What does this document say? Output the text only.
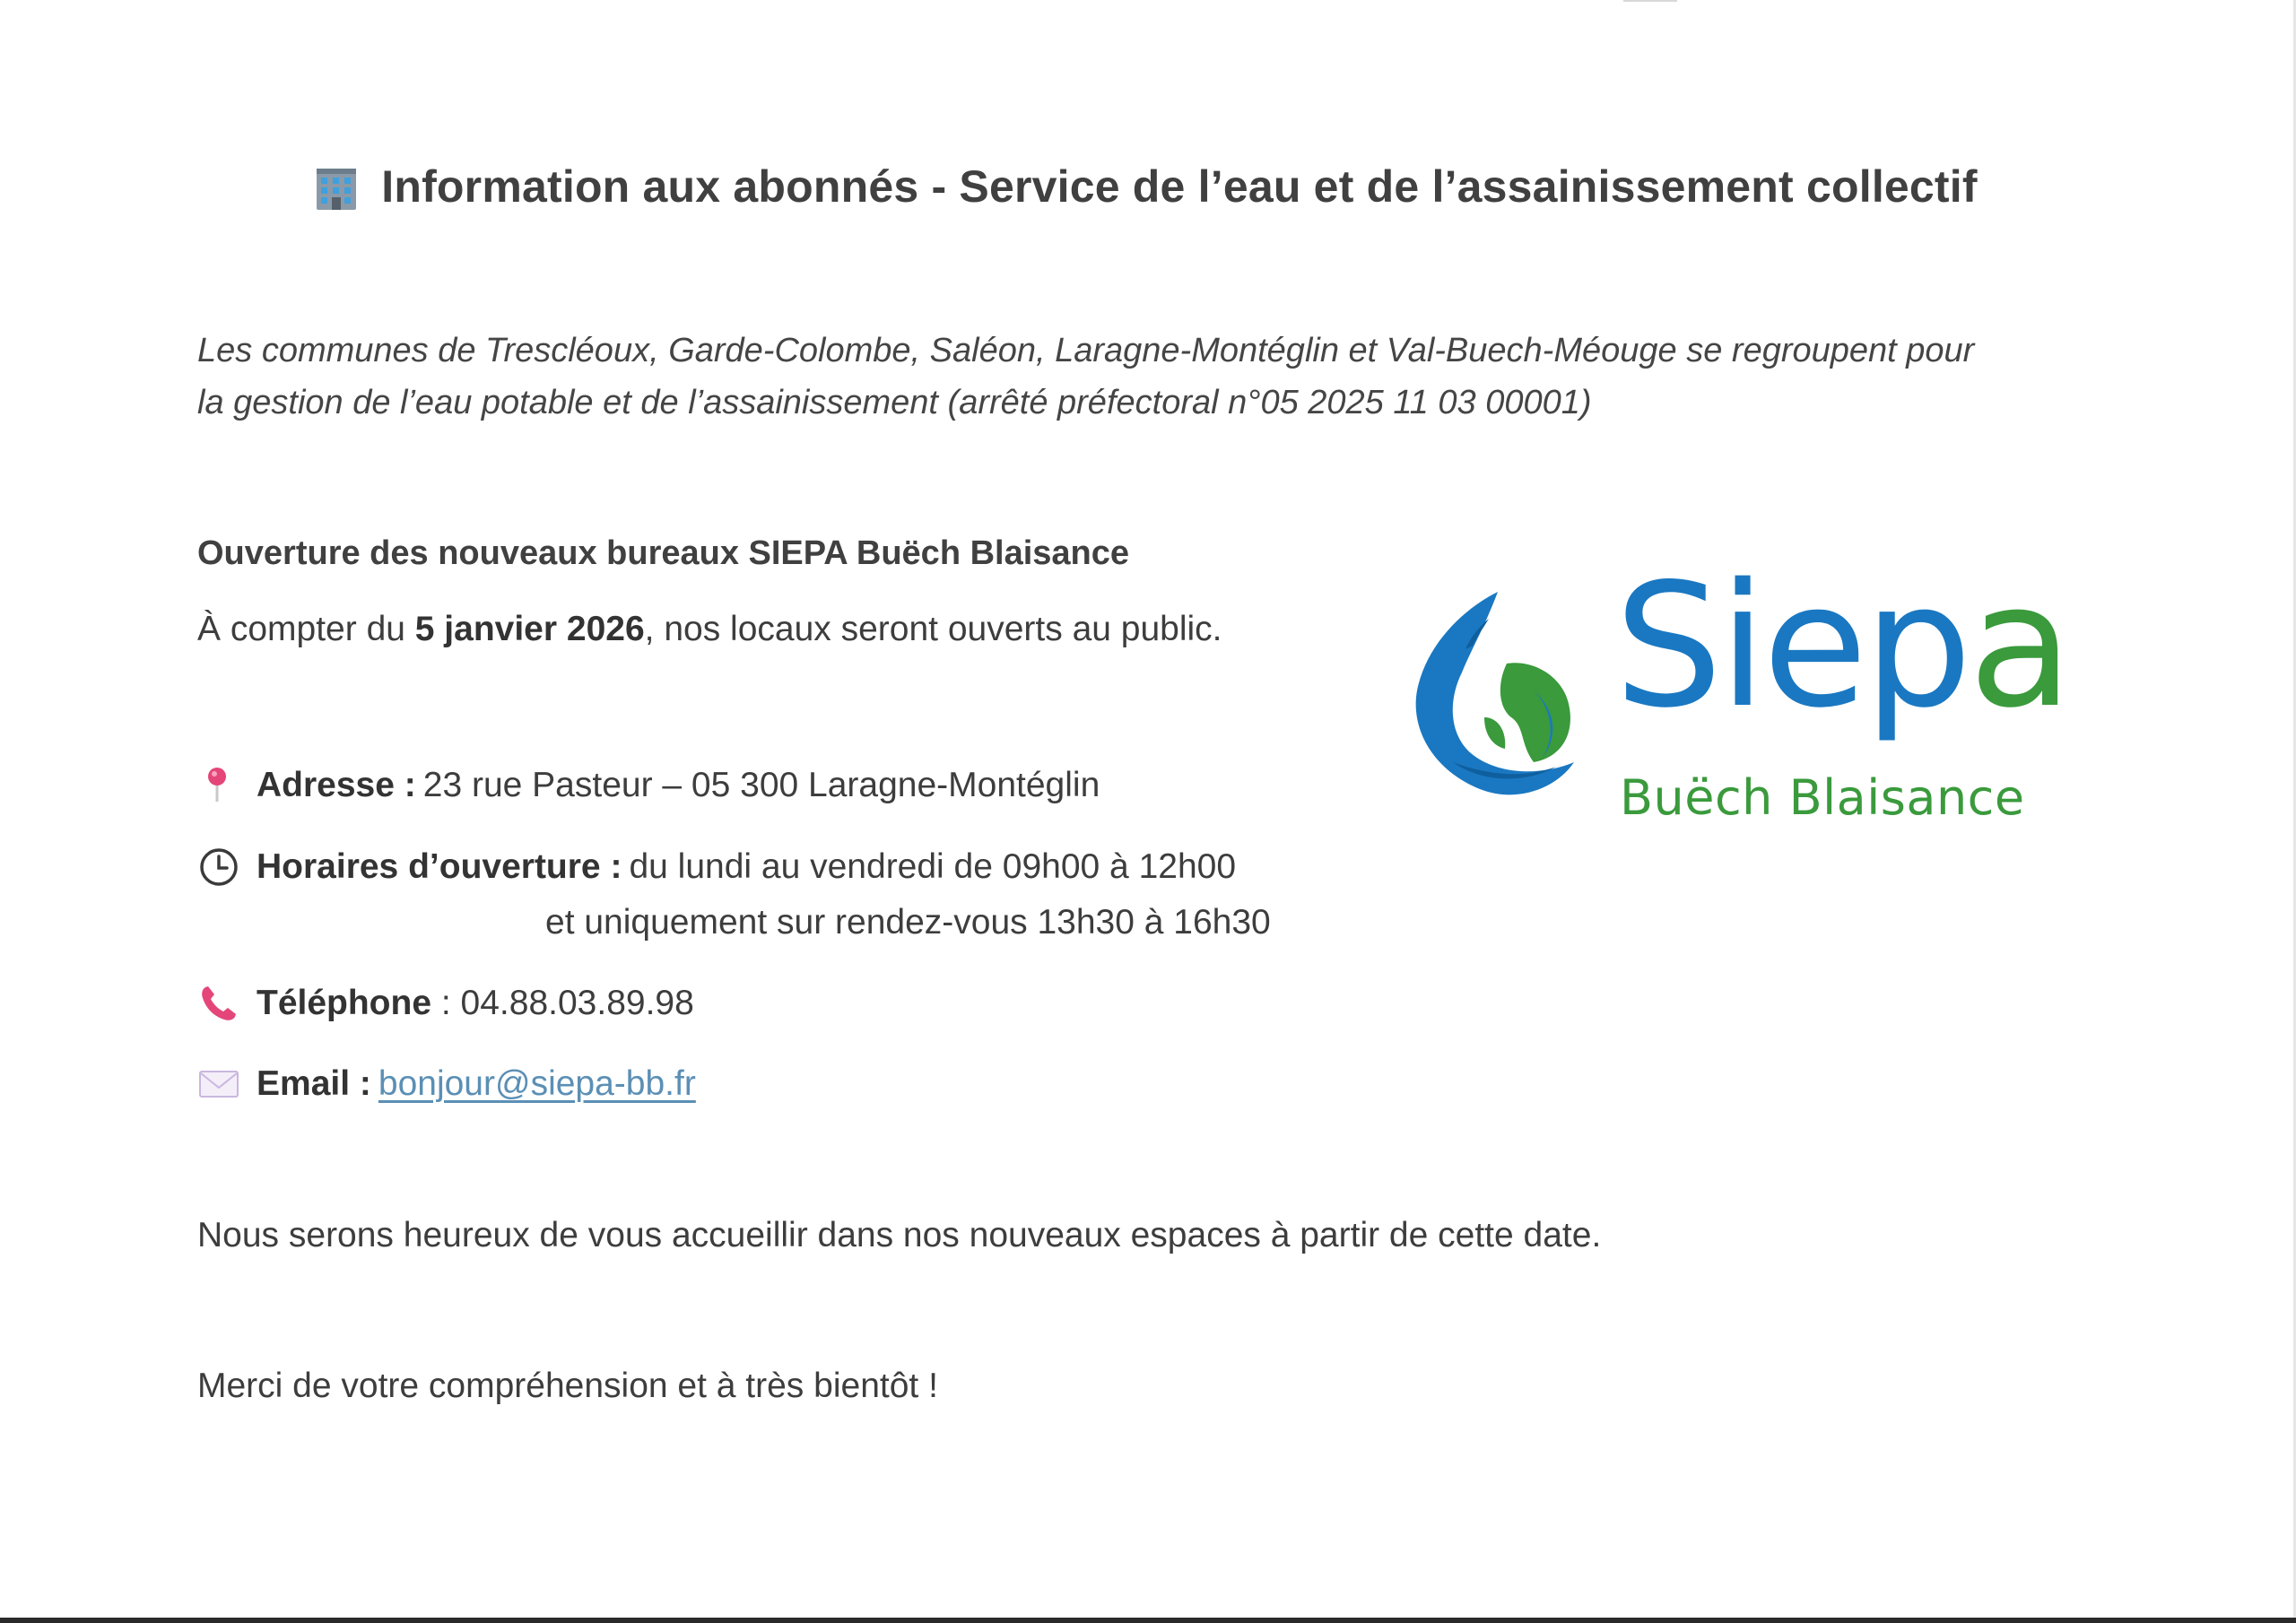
Information aux abonnés - Service de l’eau et de l’assainissement collectif
Les communes de Trescléoux, Garde-Colombe, Saléon, Laragne-Montéglin et Val-Buech-Méouge se regroupent pour
la gestion de l’eau potable et de l’assainissement (arrêté préfectoral n°05 2025 11 03 00001)
Ouverture des nouveaux bureaux SIEPA Buëch Blaisance
À compter du 5 janvier 2026, nos locaux seront ouverts au public.
Adresse : 23 rue Pasteur – 05 300 Laragne-Montéglin
Horaires d’ouverture : du lundi au vendredi de 09h00 à 12h00
et uniquement sur rendez-vous 13h30 à 16h30
Téléphone : 04.88.03.89.98
Email : bonjour@siepa-bb.fr
Nous serons heureux de vous accueillir dans nos nouveaux espaces à partir de cette date.
Merci de votre compréhension et à très bientôt !
Siepa
Buëch Blaisance
